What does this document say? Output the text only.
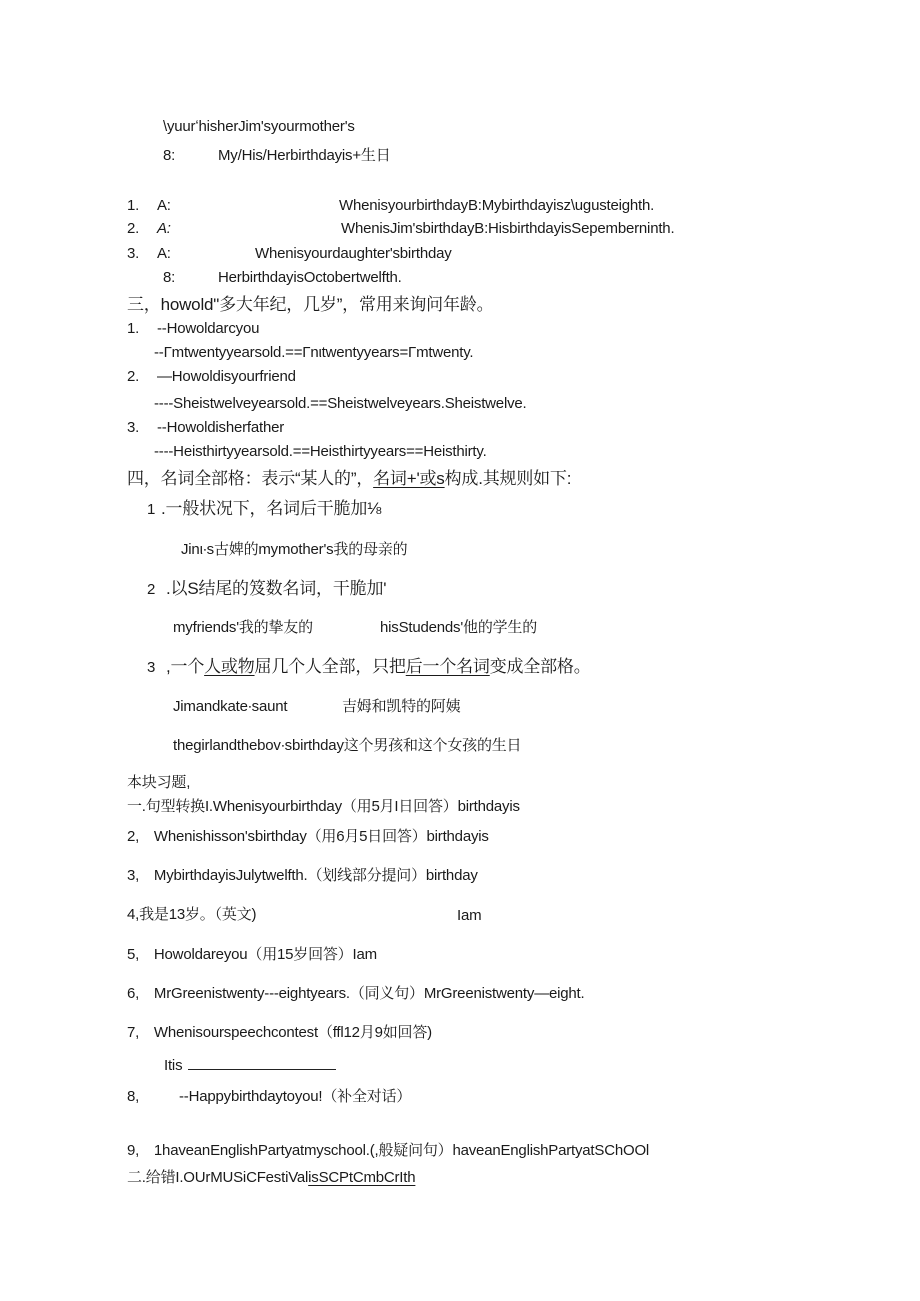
\yuurʻhisherJim'syourmother's
8:	My/His/Herbirthdayis+生日
1. A:	WhenisyourbirthdayB:Mybirthdayisz\ugusteighth.
2. A:	WhenisJim'sbirthdayB:HisbirthdayisSepemberninth.
3. A:	Whenisyourdaughter'sbirthday
8:	HerbirthdayisOctobertwelfth.
三，howold"多大年纪，几岁”，常用来询问年龄。
1. --Howoldarcyou
--Γmtwentyyearsold.==Γnιtwentyyears=Γmtwenty.
2. —Howoldisyourfriend
----Sheistwelveyearsold.==Sheistwelveyears.Sheistwelve.
3. --Howoldisherfather
----Heisthirtyyearsold.==Heisthirtyyears==Heisthirty.
四，名词全部格：表示“某人的”，名词+'或s构成.其规则如下:
1 .一般状况下，名词后干脆加⅛
Jinι∙s古婢的mymother's我的母亲的
2 .以S结尾的笈数名词，干脆加'
myfriends'我的挚友的	hisStudends'他的学生的
3 ,一个人或物屈几个人全部，只把后一个名词变成全部格。
Jimandkate∙saunt	吉姆和凯特的阿姨
thegirlandthebov∙sbirthday这个男孩和这个女孩的生日
本块习题,
一.句型转换I.Whenisyourbirthday（用5月I日回答）birthdayis
2,　Whenishisson'sbirthday（用6月5日回答）birthdayis
3,　MybirthdayisJulytwelfth.（划线部分提问）birthday
4,我是13岁。（英文)	Iam
5,　Howoldareyou（用15岁回答）Iam
6,　MrGreenistwenty---eightyears.（同义句）MrGreenistwenty—eight.
7,　Whenisourspeechcontest（ffl12月9如回答)
Itis
8,	--Happybirthdaytoyou!（补全对话）
9,　1haveanEnglishPartyatmyschool.(,般疑问句）haveanEnglishPartyatSChOOl
二.给错I.OUrMUSiCFestiValisSCPtCmbCrIth
